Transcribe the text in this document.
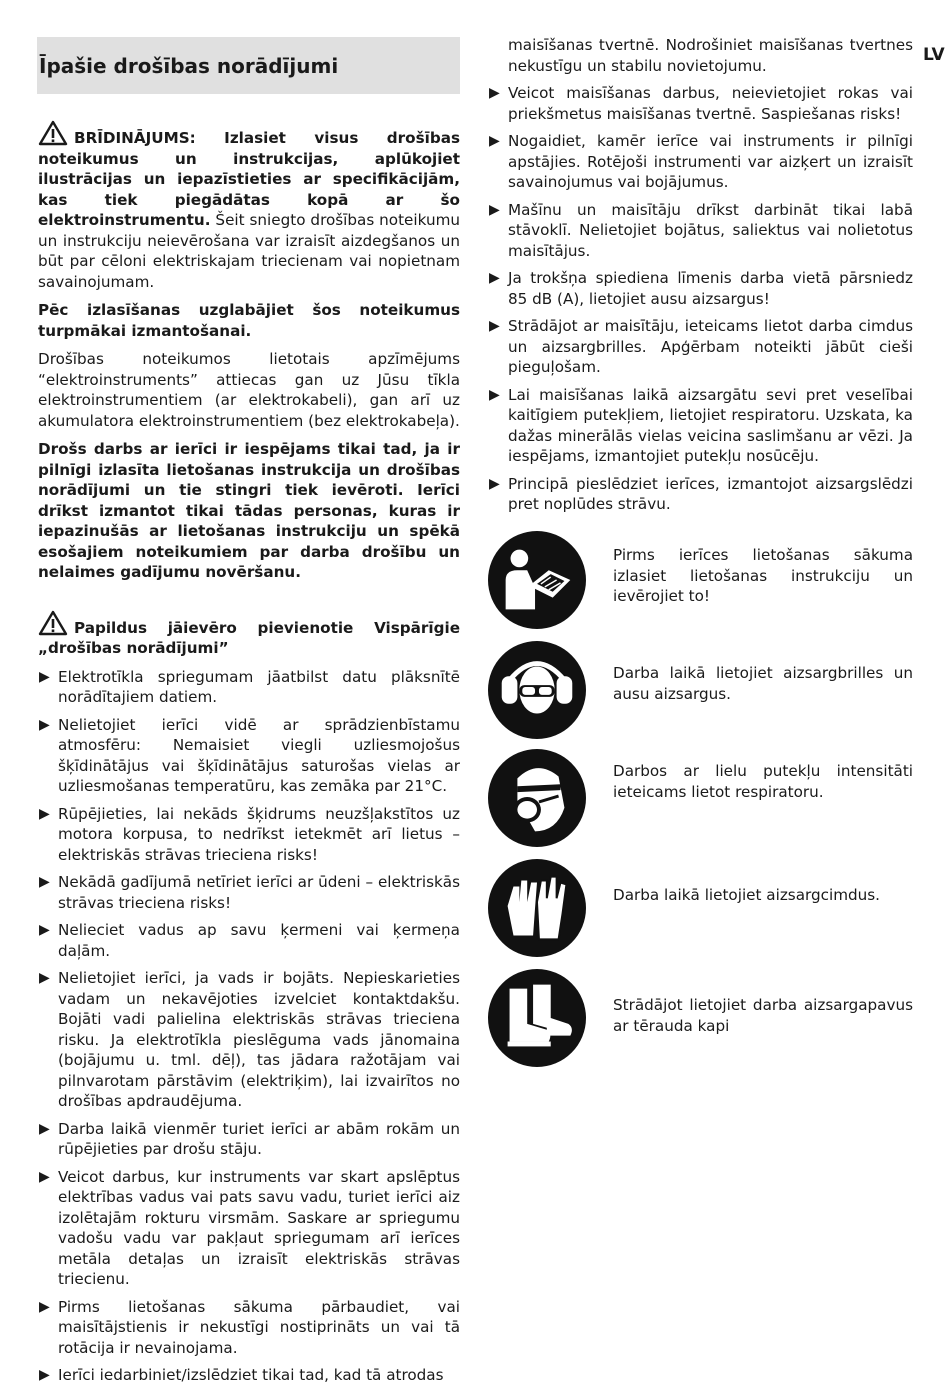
Īpašie drošības norādījumi	LV

BRĪDINĀJUMS: Izlasiet visus drošības noteikumus un instrukcijas, aplūkojiet ilustrācijas un iepazīstieties ar specifikācijām, kas tiek piegādātas kopā ar šo elektroinstrumentu. Šeit sniegto drošības noteikumu un instrukciju neievērošana var izraisīt aizdegšanos un būt par cēloni elektriskajam triecienam vai nopietnam savainojumam.

Pēc izlasīšanas uzglabājiet šos noteikumus turpmākai izmantošanai.

Drošības noteikumos lietotais apzīmējums “elektroinstruments” attiecas gan uz Jūsu tīkla elektroinstrumentiem (ar elektrokabeli), gan arī uz akumulatora elektroinstrumentiem (bez elektrokabeļa).

Drošs darbs ar ierīci ir iespējams tikai tad, ja ir pilnīgi izlasīta lietošanas instrukcija un drošības norādījumi un tie stingri tiek ievēroti. Ierīci drīkst izmantot tikai tādas personas, kuras ir iepazinušās ar lietošanas instrukciju un spēkā esošajiem noteikumiem par darba drošību un nelaimes gadījumu novēršanu.

Papildus jāievēro pievienotie Vispārīgie „drošības norādījumi”

▶ Elektrotīkla spriegumam jāatbilst datu plāksnītē norādītajiem datiem.
▶ Nelietojiet ierīci vidē ar sprādzienbīstamu atmosfēru: Nemaisiet viegli uzliesmojošus šķīdinātājus vai šķīdinātājus saturošas vielas ar uzliesmošanas temperatūru, kas zemāka par 21°C.
▶ Rūpējieties, lai nekāds šķidrums neuzšļakstītos uz motora korpusa, to nedrīkst ietekmēt arī lietus – elektriskās strāvas trieciena risks!
▶ Nekādā gadījumā netīriet ierīci ar ūdeni – elektriskās strāvas trieciena risks!
▶ Nelieciet vadus ap savu ķermeni vai ķermeņa daļām.
▶ Nelietojiet ierīci, ja vads ir bojāts. Nepieskarieties vadam un nekavējoties izvelciet kontaktdakšu. Bojāti vadi palielina elektriskās strāvas trieciena risku. Ja elektrotīkla pieslēguma vads jānomaina (bojājumu u. tml. dēļ), tas jādara ražotājam vai pilnvarotam pārstāvim (elektriķim), lai izvairītos no drošības apdraudējuma.
▶ Darba laikā vienmēr turiet ierīci ar abām rokām un rūpējieties par drošu stāju.
▶ Veicot darbus, kur instruments var skart apslēptus elektrības vadus vai pats savu vadu, turiet ierīci aiz izolētajām rokturu virsmām. Saskare ar spriegumu vadošu vadu var pakļaut spriegumam arī ierīces metāla detaļas un izraisīt elektriskās strāvas triecienu.
▶ Pirms lietošanas sākuma pārbaudiet, vai maisītājstienis ir nekustīgi nostiprināts un vai tā rotācija ir nevainojama.
▶ Ierīci iedarbiniet/izslēdziet tikai tad, kad tā atrodas

maisīšanas tvertnē. Nodrošiniet maisīšanas tvertnes nekustīgu un stabilu novietojumu.

▶ Veicot maisīšanas darbus, neievietojiet rokas vai priekšmetus maisīšanas tvertnē. Saspiešanas risks!
▶ Nogaidiet, kamēr ierīce vai instruments ir pilnīgi apstājies. Rotējoši instrumenti var aizķert un izraisīt savainojumus vai bojājumus.
▶ Mašīnu un maisītāju drīkst darbināt tikai labā stāvoklī. Nelietojiet bojātus, saliektus vai nolietotus maisītājus.
▶ Ja trokšņa spiediena līmenis darba vietā pārsniedz 85 dB (A), lietojiet ausu aizsargus!
▶ Strādājot ar maisītāju, ieteicams lietot darba cimdus un aizsargbrilles. Apģērbam noteikti jābūt cieši pieguļošam.
▶ Lai maisīšanas laikā aizsargātu sevi pret veselībai kaitīgiem putekļiem, lietojiet respiratoru. Uzskata, ka dažas minerālās vielas veicina saslimšanu ar vēzi. Ja iespējams, izmantojiet putekļu nosūcēju.
▶ Principā pieslēdziet ierīces, izmantojot aizsargslēdzi pret noplūdes strāvu.
Pirms ierīces lietošanas sākuma izlasiet lietošanas instrukciju un ievērojiet to!
Darba laikā lietojiet aizsargbrilles un ausu aizsargus.
Darbos ar lielu putekļu intensitāti ieteicams lietot respiratoru.
Darba laikā lietojiet aizsargcimdus.
Strādājot lietojiet darba aizsargapavus ar tērauda kapi
